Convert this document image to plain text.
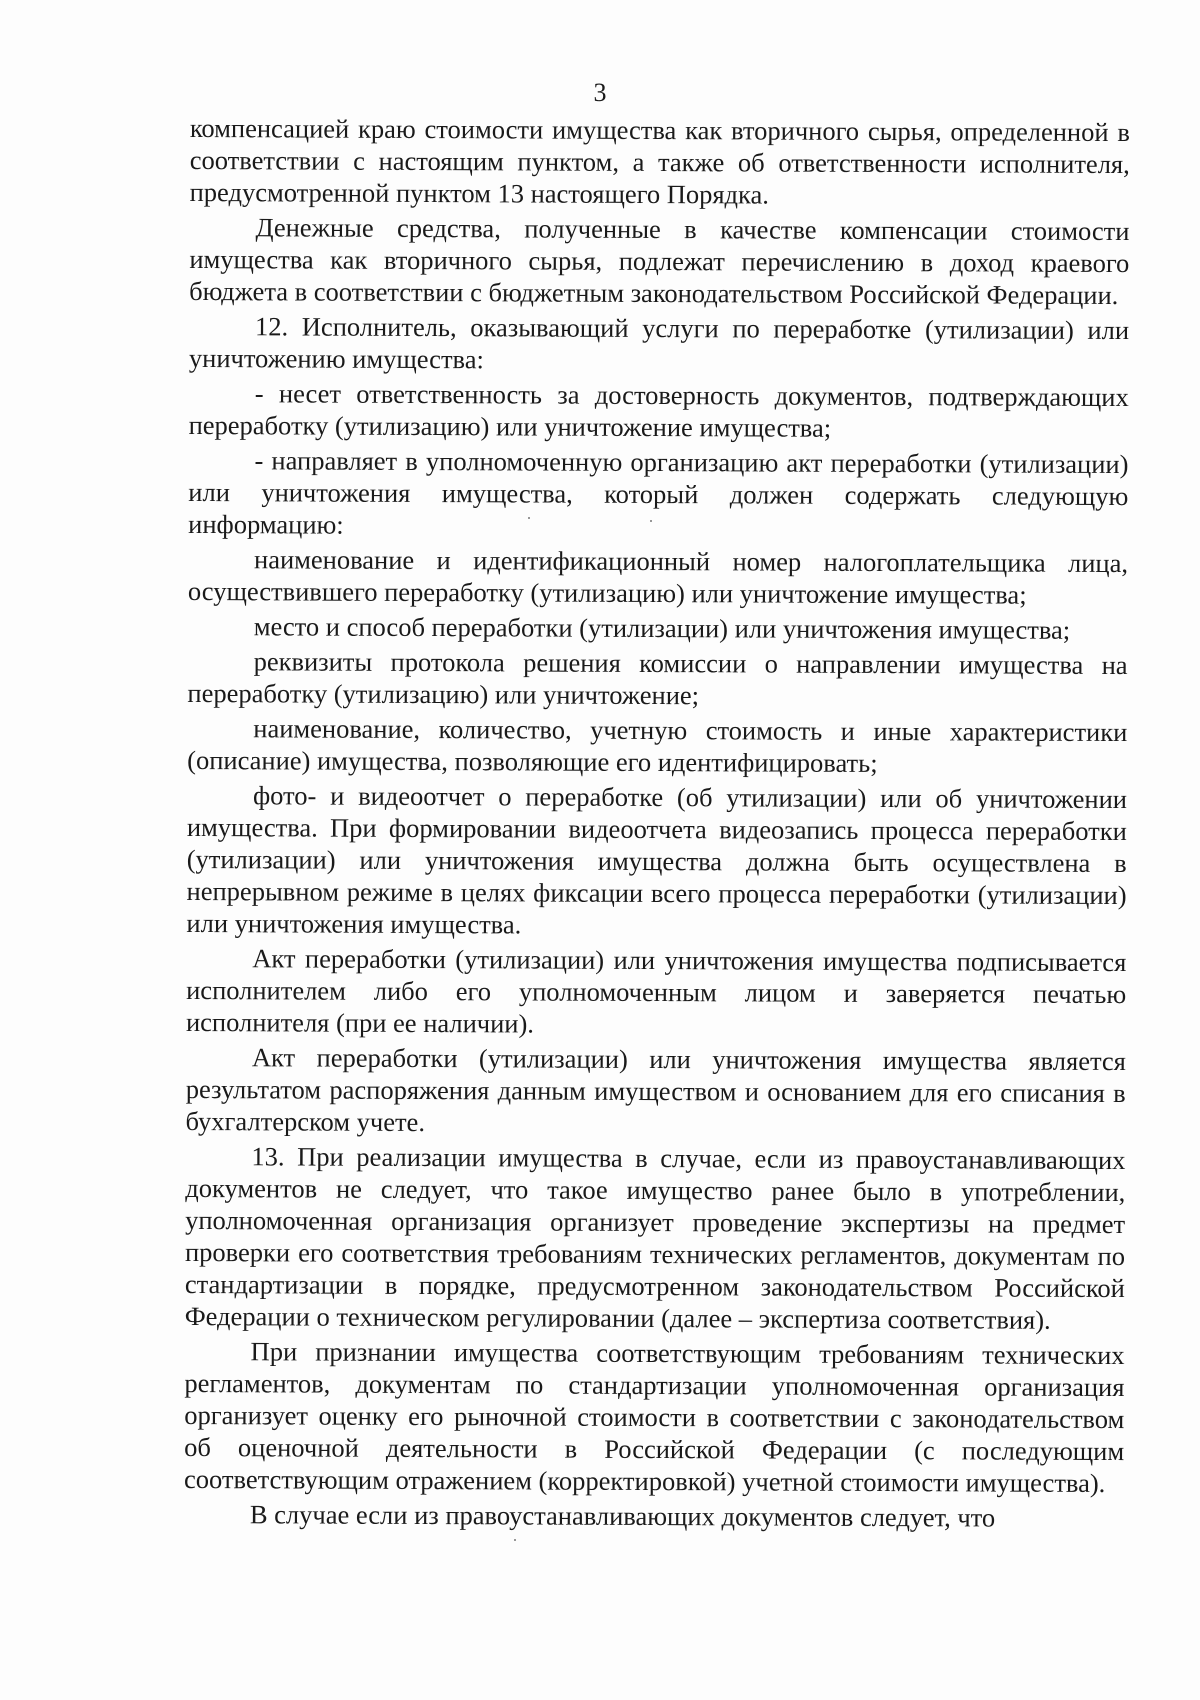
3

компенсацией краю стоимости имущества как вторичного сырья, определенной в соответствии с настоящим пунктом, а также об ответственности исполнителя, предусмотренной пунктом 13 настоящего Порядка.

Денежные средства, полученные в качестве компенсации стоимости имущества как вторичного сырья, подлежат перечислению в доход краевого бюджета в соответствии с бюджетным законодательством Российской Федерации.

12. Исполнитель, оказывающий услуги по переработке (утилизации) или уничтожению имущества:

- несет ответственность за достоверность документов, подтверждающих переработку (утилизацию) или уничтожение имущества;

- направляет в уполномоченную организацию акт переработки (утилизации) или уничтожения имущества, который должен содержать следующую информацию:

наименование и идентификационный номер налогоплательщика лица, осуществившего переработку (утилизацию) или уничтожение имущества;

место и способ переработки (утилизации) или уничтожения имущества;

реквизиты протокола решения комиссии о направлении имущества на переработку (утилизацию) или уничтожение;

наименование, количество, учетную стоимость и иные характеристики (описание) имущества, позволяющие его идентифицировать;

фото- и видеоотчет о переработке (об утилизации) или об уничтожении имущества. При формировании видеоотчета видеозапись процесса переработки (утилизации) или уничтожения имущества должна быть осуществлена в непрерывном режиме в целях фиксации всего процесса переработки (утилизации) или уничтожения имущества.

Акт переработки (утилизации) или уничтожения имущества подписывается исполнителем либо его уполномоченным лицом и заверяется печатью исполнителя (при ее наличии).

Акт переработки (утилизации) или уничтожения имущества является результатом распоряжения данным имуществом и основанием для его списания в бухгалтерском учете.

13. При реализации имущества в случае, если из правоустанавливающих документов не следует, что такое имущество ранее было в употреблении, уполномоченная организация организует проведение экспертизы на предмет проверки его соответствия требованиям технических регламентов, документам по стандартизации в порядке, предусмотренном законодательством Российской Федерации о техническом регулировании (далее – экспертиза соответствия).

При признании имущества соответствующим требованиям технических регламентов, документам по стандартизации уполномоченная организация организует оценку его рыночной стоимости в соответствии с законодательством об оценочной деятельности в Российской Федерации (с последующим соответствующим отражением (корректировкой) учетной стоимости имущества).

В случае если из правоустанавливающих документов следует, что
